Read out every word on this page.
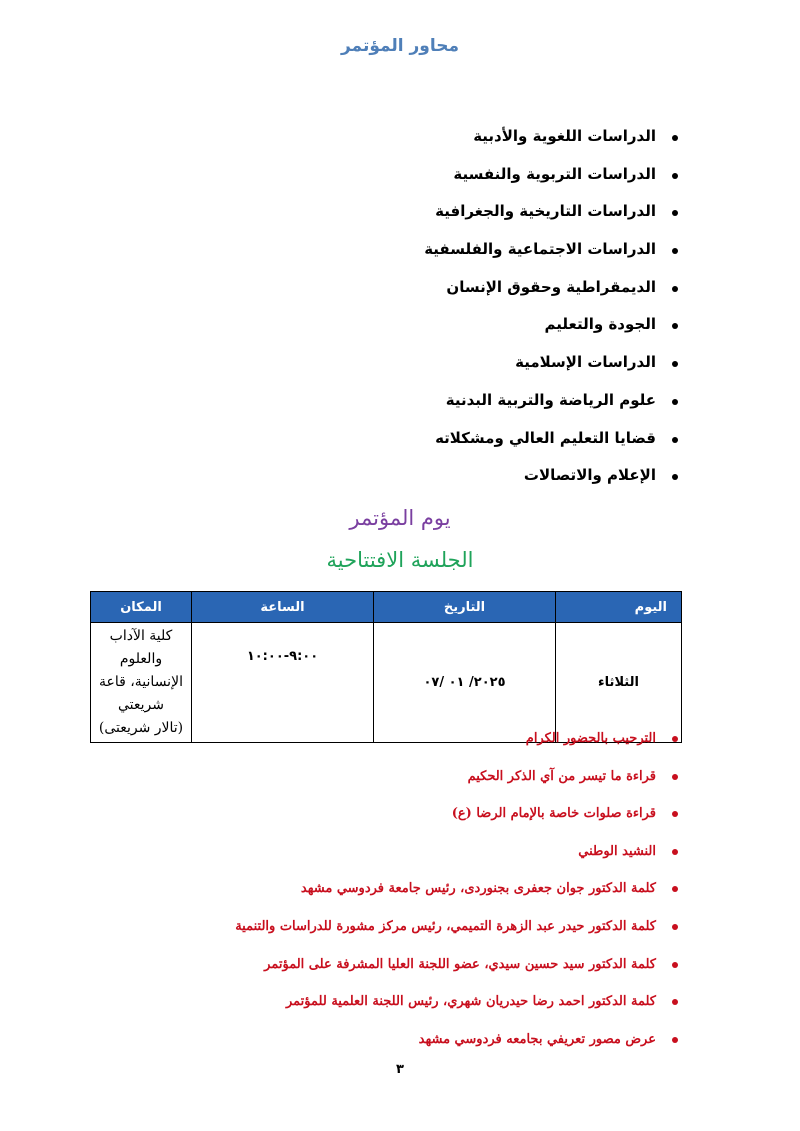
محاور المؤتمر
الدراسات اللغوية والأدبية
الدراسات التربوية والنفسية
الدراسات التاريخية والجغرافية
الدراسات الاجتماعية والفلسفية
الديمقراطية وحقوق الإنسان
الجودة والتعليم
الدراسات الإسلامية
علوم الرياضة والتربية البدنية
قضايا التعليم العالي ومشكلاته
الإعلام والاتصالات
يوم المؤتمر
الجلسة الافتتاحية
اليوم	التاريخ	الساعة	المكان
الثلاثاء	٢٠٢٥/ ٠١ /٠٧	٩:٠٠-١٠:٠٠	كلية الآداب والعلوم
الإنسانية، قاعة شريعتي
(تالار شريعتى)
الترحيب بالحضور الكرام
قراءة ما تيسر من آي الذكر الحكيم
قراءة صلوات خاصة بالإمام الرضا (ع)
النشيد الوطني
كلمة الدكتور جوان جعفرى بجنوردى، رئيس جامعة فردوسي مشهد
كلمة الدكتور حيدر عبد الزهرة التميمي، رئيس مركز مشورة للدراسات والتنمية
كلمة الدكتور سيد حسين سيدي، عضو اللجنة العليا المشرفة على المؤتمر
كلمة الدكتور احمد رضا حيدريان شهري، رئيس اللجنة العلمية للمؤتمر
عرض مصور تعريفي بجامعه فردوسي مشهد
٣
